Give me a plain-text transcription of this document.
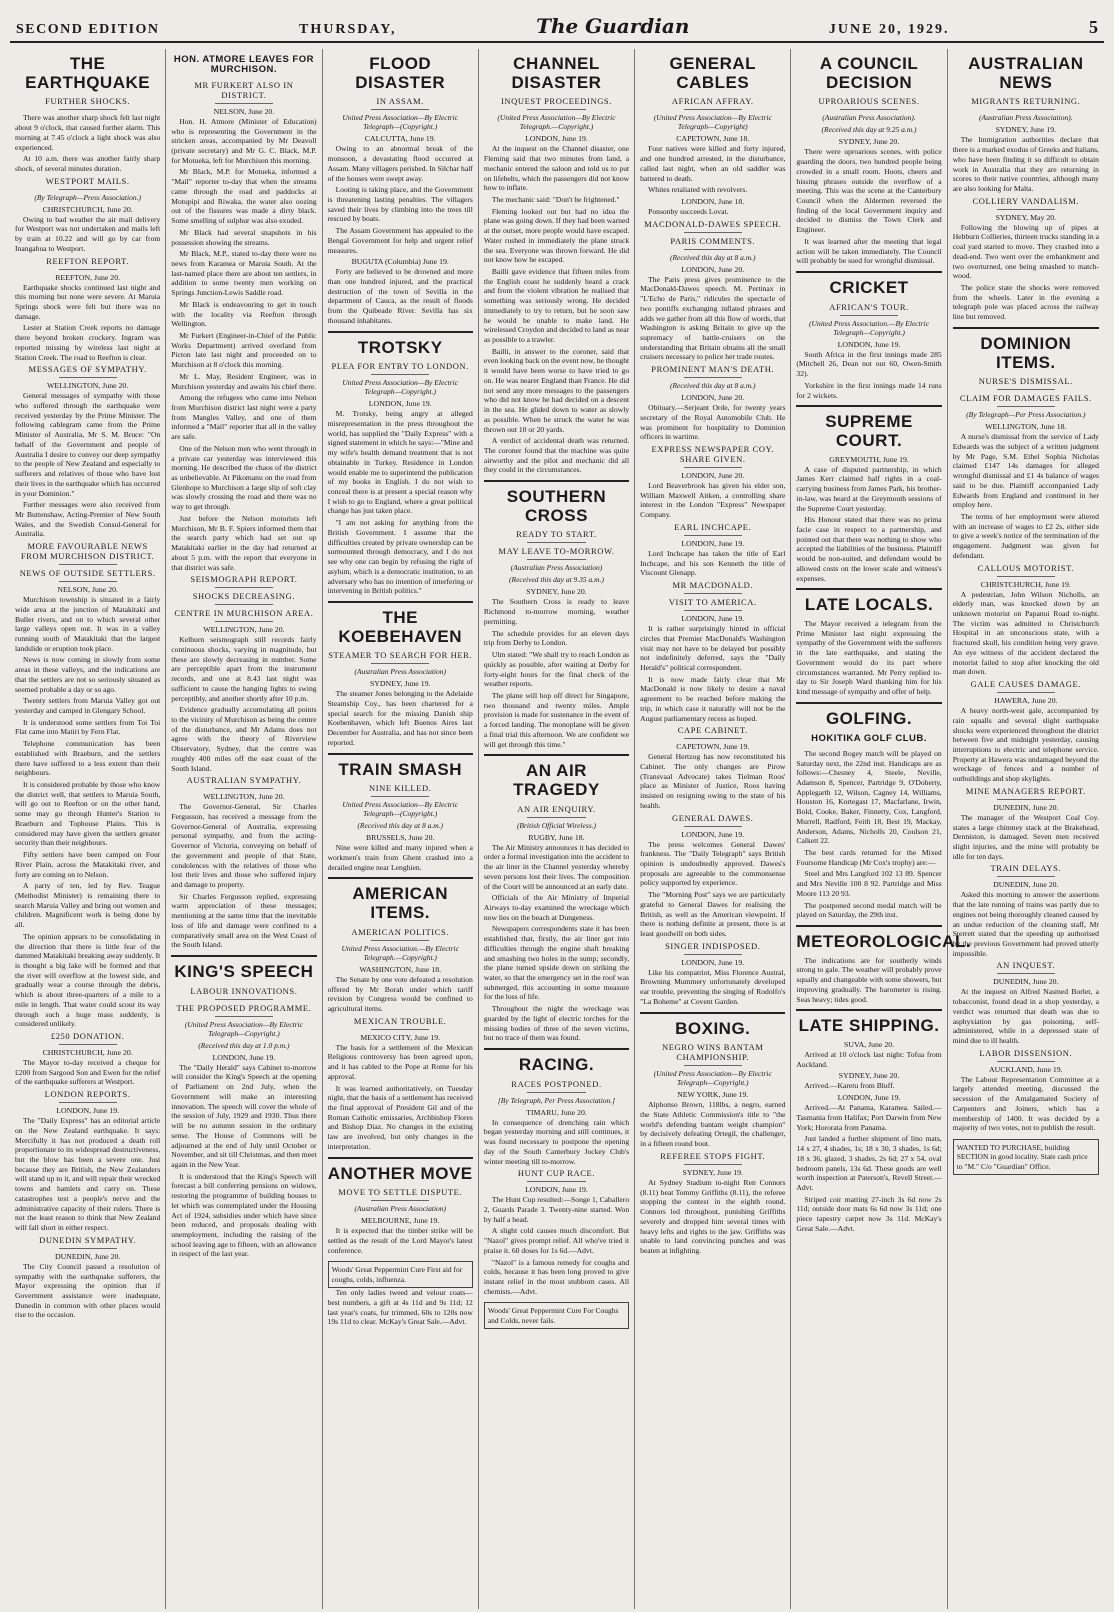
SECOND EDITION	THURSDAY,	The Guardian	JUNE 20, 1929.	5
THE EARTHQUAKE
FURTHER SHOCKS.

There was another sharp shock felt last night about 9 o'clock, that caused further alarm. This morning at 7.45 o'clock a light shock was also experienced.

At 10 a.m. there was another fairly sharp shock, of several minutes duration.

WESTPORT MAILS.
(By Telegraph—Press Association.)
CHRISTCHURCH, June 20.

Owing to bad weather the air mail delivery for Westport was not undertaken and mails left by train at 10.22 and will go by car from Inangahua to Westport.

REEFTON REPORT.
REEFTON, June 20.

Earthquake shocks continued last night and this morning but none were severe. At Maruia Springs shock were felt but there was no damage.

Lester at Station Creek reports no damage there beyond broken crockery. Ingram was reported missing by wireless last night at Station Creek. The road to Reefton is clear.

MESSAGES OF SYMPATHY.
WELLINGTON, June 20.

General messages of sympathy with those who suffered through the earthquake were received yesterday by the Prime Minister. The following cablegram came from the Prime Minister of Australia, Mr S. M. Bruce: "On behalf of the Government and people of Australia I desire to convey our deep sympathy to the people of New Zealand and especially to sufferers and relatives of those who have lost their lives in the earthquake which has occurred in your Dominion."

Further messages were also received from Mr Buttenshaw, Acting-Premier of New South Wales, and the Swedish Consul-General for Australia.

MORE FAVOURABLE NEWS FROM MURCHISON DISTRICT.
NEWS OF OUTSIDE SETTLERS.
NELSON, June 20.

Murchison township is situated in a fairly wide area at the junction of Matakitaki and Buller rivers, and on to which several other large valleys open out. It was in a valley running south of Matakitaki that the largest landslide or eruption took place.

News is now coming in slowly from some areas in these valleys, and the indications are that the settlers are not so seriously situated as seemed probable a day or so ago.

Twenty settlers from Maruia Valley got out yesterday and camped in Glengary School.

It is understood some settlers from Toi Toi Flat came into Matiri by Fern Flat.

Telephone communication has been established with Braeburn, and the settlers there have suffered to a less extent than their neighbours.

It is considered probable by those who know the district well, that settlers to Maruia South, will go out to Reefton or on the other hand, some may go through Hunter's Station to Braeburn and Tophouse Plains. This is considered may have given the settlers greater security than their neighbours.

Fifty settlers have been camped on Four River Plain, across the Matakitaki river, and forty are coming on to Nelson.

A party of ten, led by Rev. Teague (Methodist Minister) is remaining there to search Maruia Valley and bring out women and children. Magnificent work is being done by all.

The opinion appears to be consolidating in the direction that there is little fear of the dammed Matakitaki breaking away suddenly. It is thought a big lake will be formed and that the river will overflow at the lowest side, and gradually wear a course through the debris, which is about three-quarters of a mile to a mile in length. That water could scour its way through such a huge mass suddenly, is considered unlikely.

£250 DONATION.
CHRISTCHURCH, June 20.

The Mayor to-day received a cheque for £200 from Sargood Son and Ewen for the relief of the earthquake sufferers at Westport.

LONDON REPORTS.
LONDON, June 19.

The "Daily Express" has an editorial article on the New Zealand earthquake. It says: Mercifully it has not produced a death roll proportionate to its widespread destructiveness, but the blow has been a severe one. Just because they are British, the New Zealanders will stand up to it, and will repair their wrecked towns and hamlets and carry on. These catastrophes test a people's nerve and the administrative capacity of their rulers. There is not the least reason to think that New Zealand will fall short in either respect.

DUNEDIN SYMPATHY.
DUNEDIN, June 20.

The City Council passed a resolution of sympathy with the earthquake sufferers, the Mayor expressing the opinion that if Government assistance were inadequate, Dunedin in common with other places would rise to the occasion.

HON. ATMORE LEAVES FOR MURCHISON.
MR FURKERT ALSO IN DISTRICT.
NELSON, June 20.

Hon. H. Atmore (Minister of Education) who is representing the Government in the stricken areas, accompanied by Mr Deavoll (private secretary) and Mr G. C. Black, M.P. for Motueka, left for Murchison this morning.

Mr Black, M.P. for Motueka, informed a "Mail" reporter to-day that when the streams came through the road and paddocks at Motupipi and Riwaka, the water also oozing out of the fissures was made a dirty black. Some smelling of sulphur was also exuded.

Mr Black had several snapshots in his possession showing the streams.

Mr Black, M.P., stated to-day there were no news from Karamea or Maruia South. At the last-named place there are about ten settlers, in addition to some twenty men working on Springs Junction-Lewis Saddle road.

Mr Black is endeavouring to get in touch with the locality via Reefton through Wellington.

Mr Furkert (Engineer-in-Chief of the Public Works Department) arrived overland from Picton late last night and proceeded on to Murchison at 8 o'clock this morning.

Mr L. May, Resident Engineer, was in Murchison yesterday and awaits his chief there.

Among the refugees who came into Nelson from Murchison district last night were a party from Mangles Valley, and one of them informed a "Mail" reporter that all in the valley are safe.

One of the Nelson men who went through in a private car yesterday was interviewed this morning. He described the chaos of the district as unbelievable. At Pikomanu on the road from Glenhope to Murchison a large slip of soft clay was slowly crossing the road and there was no way to get through.

Just before the Nelson motorists left Murchison, Mr B. F. Spiers informed them that the search party which had set out up Matakitaki earlier in the day had returned at about 5 p.m. with the report that everyone in that district was safe.

SEISMOGRAPH REPORT.
SHOCKS DECREASING.
CENTRE IN MURCHISON AREA.
WELLINGTON, June 20.

Kelburn seismograph still records fairly continuous shocks, varying in magnitude, but these are slowly decreasing in number. Some are perceptible apart from the instrument records, and one at 8.43 last night was sufficient to cause the hanging lights to swing perceptibly, and another shortly after 10 p.m.

Evidence gradually accumulating all points to the vicinity of Murchison as being the centre of the disturbance, and Mr Adams does not agree with the theory of Riverview Observatory, Sydney, that the centre was roughly 400 miles off the east coast of the South Island.

AUSTRALIAN SYMPATHY.
WELLINGTON, June 20.

The Governor-General, Sir Charles Fergusson, has received a message from the Governor-General of Australia, expressing personal sympathy, and from the acting-Governor of Victoria, conveying on behalf of the government and people of that State, condolences with the relatives of those who lost their lives and those who suffered injury and damage to property.

Sir Charles Fergusson replied, expressing warm appreciation of these messages; mentioning at the same time that the inevitable loss of life and damage were confined to a comparatively small area on the West Coast of the South Island.

KING'S SPEECH
LABOUR INNOVATIONS.
THE PROPOSED PROGRAMME.
(United Press Association—By Electric Telegraph—Copyright.)
(Received this day at 1.0 p.m.)
LONDON, June 19.

The "Daily Herald" says Cabinet to-morrow will consider the King's Speech at the opening of Parliament on 2nd July, when the Government will make an interesting innovation. The speech will cover the whole of the session of July, 1929 and 1930. Thus there will be no autumn session in the ordinary sense. The House of Commons will be adjourned at the end of July until October or November, and sit till Christmas, and then meet again in the New Year.

It is understood that the King's Speech will forecast a bill conferring pensions on widows, restoring the programme of building houses to let which was contemplated under the Housing Act of 1924, subsidies under which have since been reduced, and proposals dealing with unemployment, including the raising of the school leaving age to fifteen, with an allowance in respect of the last year.

FLOOD DISASTER
IN ASSAM.
United Press Association—By Electric Telegraph—(Copyright.)
CALCUTTA, June 19.

Owing to an abnormal break of the monsoon, a devastating flood occurred at Assam. Many villagers perished. In Silchar half of the houses were swept away.

Looting is taking place, and the Government is threatening lasting penalties. The villagers saved their lives by climbing into the trees till rescued by boats.

The Assam Government has appealed to the Bengal Government for help and urgent relief measures.

BUGUTA (Columbia) June 19.

Forty are believed to be drowned and more than one hundred injured, and the practical destruction of the town of Sevilla in the department of Cauca, as the result of floods from the Quibeade River. Sevilla has six thousand inhabitants.

TROTSKY
PLEA FOR ENTRY TO LONDON.
United Press Association—By Electric Telegraph—Copyright.)
LONDON, June 19.

M. Trotsky, being angry at alleged misrepresentation in the press throughout the world, has supplied the "Daily Express" with a signed statement in which he says:—"Mine and my wife's health demand treatment that is not obtainable in Turkey. Residence in London would enable me to superintend the publication of my books in English. I do not wish to conceal there is at present a special reason why I wish to go to England, where a great political change has just taken place.

"I am not asking for anything from the British Government. I assume that the difficulties created by private ownership can be surmounted through democracy, and I do not see why one can begin by refusing the right of asylum, which is a democratic institution, to an adversary who has no intention of interfering or intervening in British politics."

THE KOEBEHAVEN
STEAMER TO SEARCH FOR HER.
(Australian Press Association)
SYDNEY, June 19.

The steamer Jones belonging to the Adelaide Steamship Coy., has been chartered for a special search for the missing Danish ship Koebenhaven, which left Buenos Aires last December for Australia, and has not since been reported.

TRAIN SMASH
NINE KILLED.
United Press Association—By Electric Telegraph—(Copyright.)
(Received this day at 8 a.m.)
BRUSSELS, June 20.

Nine were killed and many injured when a workmen's train from Ghent crashed into a derailed engine near Lenghien.

AMERICAN ITEMS.
AMERICAN POLITICS.
United Press Association.—By Electric Telegraph.—Copyright.)
WASHINGTON, June 18.

The Senate by one vote defeated a resolution offered by Mr Borah under which tariff revision by Congress would be confined to agricultural items.

MEXICAN TROUBLE.
MEXICO CITY, June 19.

The basis for a settlement of the Mexican Religious controversy has been agreed upon, and it has cabled to the Pope at Rome for his approval.

It was learned authoritatively, on Tuesday night, that the basis of a settlement has received the final approval of President Gil and of the Roman Catholic emissaries, Archbishop Flores and Bishop Diaz. No changes in the existing law are involved, but only changes in the interpretation.

ANOTHER MOVE
MOVE TO SETTLE DISPUTE.
(Australian Press Association)
MELBOURNE, June 19.

It is expected that the timber strike will be settled as the result of the Lord Mayor's latest conference.

Woods' Great Peppermint Cure First aid for coughs, colds, influenza.

Ten only ladies tweed and velour coats—best numbers, a gift at 4s 11d and 9s 11d; 12 last year's coats, fur trimmed, 60s to 120s now 19s 11d to clear. McKay's Great Sale.—Advt.

CHANNEL DISASTER
INQUEST PROCEEDINGS.
(United Press Association—By Electric Telegraph.—Copyright.)
LONDON, June 19.

At the inquest on the Channel disaster, one Fleming said that two minutes from land, a mechanic entered the saloon and told us to put on lifebelts, which the passengers did not know how to inflate.

The mechanic said: "Don't be frightened."

Fleming looked out but had no idea the plane was going down. If they had been warned at the outset, more people would have escaped. Water rushed in immediately the plane struck the sea. Everyone was thrown forward. He did not know how he escaped.

Bailli gave evidence that fifteen miles from the English coast he suddenly heard a crack and from the violent vibration he realised that something was seriously wrong. He decided immediately to try to return, but he soon saw he would be unable to make land. He wirelessed Croydon and decided to land as near as possible to a trawler.

Bailli, in answer to the coroner, said that even looking back on the event now, he thought it would have been worse to have tried to go on. He was nearer England than France. He did not send any more messages to the passengers who did not know he had decided on a descent in the sea. He glided down to water as slowly as possible. When he struck the water he was thrown out 10 or 20 yards.

A verdict of accidental death was returned. The coroner found that the machine was quite airworthy and the pilot and mechanic did all they could in the circumstances.

SOUTHERN CROSS
READY TO START.
MAY LEAVE TO-MORROW.
(Australian Press Association)
(Received this day at 9.35 a.m.)
SYDNEY, June 20.

The Southern Cross is ready to leave Richmond to-morrow morning, weather permitting.

The schedule provides for an eleven days trip from Derby to London.

Ulm stated: "We shall try to reach London as quickly as possible, after waiting at Derby for forty-eight hours for the final check of the weather reports.

The plane will hop off direct for Singapore, two thousand and twenty miles. Ample provision is made for sustenance in the event of a forced landing. The monoplane will be given a final trial this afternoon. We are confident we will get through this time."

AN AIR TRAGEDY
AN AIR ENQUIRY.
(British Official Wireless.)
RUGBY, June 18.

The Air Ministry announces it has decided to order a formal investigation into the accident to the air liner in the Channel yesterday whereby seven persons lost their lives. The composition of the Court will be announced at an early date.

Officials of the Air Ministry of Imperial Airways to-day examined the wreckage which now lies on the beach at Dungeness.

Newspapers correspondents state it has been established that, firstly, the air liner got into difficulties through the engine shaft breaking and smashing two holes in the sump; secondly, the plane turned upside down on striking the water, so that the emergency set in the roof was submerged, this accounting in some measure for the loss of life.

Throughout the night the wreckage was guarded by the light of electric torches for the missing bodies of three of the seven victims, but no trace of them was found.

RACING.
RACES POSTPONED.
[By Telegraph, Per Press Association.]
TIMARU, June 20.

In consequence of drenching rain which began yesterday morning and still continues, it was found necessary to postpone the opening day of the South Canterbury Jockey Club's winter meeting till to-morrow.

HUNT CUP RACE.
LONDON, June 19.

The Hunt Cup resulted:—Songe 1, Caballero 2, Guards Parade 3. Twenty-nine started. Won by half a head.

A slight cold causes much discomfort. But "Nazol" gives prompt relief. All who've tried it praise it. 60 doses for 1s 6d.—Advt.

"Nazol" is a famous remedy for coughs and colds, because it has been long proved to give instant relief in the most stubborn cases. All chemists.—Advt.

Woods' Great Peppermint Cure For Coughs and Colds, never fails.
GENERAL CABLES
AFRICAN AFFRAY.
(United Press Association—By Electric Telegraph—Copyright)
CAPETOWN, June 18.

Four natives were killed and forty injured, and one hundred arrested, in the disturbance, called last night, when an old saddler was battered to death.

Whites retaliated with revolvers.

LONDON, June 18.

Ponsonby succeeds Lovat.

MACDONALD-DAWES SPEECH.
PARIS COMMENTS.
(Received this day at 8 a.m.)
LONDON, June 20.

The Paris press gives prominence to the MacDonald-Dawes speech. M. Pertinax in "L'Echo de Paris," ridicules the spectacle of two pontiffs exchanging inflated phrases and adds we gather from all this flow of words, that Washington is asking Britain to give up the supremacy of battle-cruisers on the understanding that Britain obtains all the small cruisers necessary to police her trade routes.

PROMINENT MAN'S DEATH.
(Received this day at 8 a.m.)
LONDON, June 20.

Obituary.—Serjeant Orde, for twenty years secretary of the Royal Automobile Club. He was prominent for hospitality to Dominion officers in wartime.

EXPRESS NEWSPAPER COY. SHARE GIVEN.
LONDON, June 20.

Lord Beaverbrook has given his elder son, William Maxwell Aitken, a controlling share interest in the London "Express" Newspaper Company.

EARL INCHCAPE.
LONDON, June 19.

Lord Inchcape has taken the title of Earl Inchcape, and his son Kenneth the title of Viscount Glenapp.

MR MACDONALD.
VISIT TO AMERICA.
LONDON, June 19.

It is rather surprisingly hinted in official circles that Premier MacDonald's Washington visit may not have to be delayed but possibly not indefinitely deferred, says the "Daily Herald's" political correspondent.

It is now made fairly clear that Mr MacDonald is now likely to desire a naval agreement to be reached before making the trip, in which case it naturally will not be the August parliamentary recess as hoped.

CAPE CABINET.
CAPETOWN, June 19.

General Hertzog has now reconstituted his Cabinet. The only changes are Pirow (Transvaal Advocate) takes Tielman Roos' place as Minister of Justice, Roos having insisted on resigning owing to the state of his health.

GENERAL DAWES.
LONDON, June 19.

The press welcomes General Dawes' frankness. The "Daily Telegraph" says British opinion is undoubtedly approved. Dawes's proposals are agreeable to the commonsense policy supported by experience.

The "Morning Post" says we are particularly grateful to General Dawes for realising the British, as well as the American viewpoint. If there is nothing definite at present, there is at least goodwill on both sides.

SINGER INDISPOSED.
LONDON, June 19.

Like his compatriot, Miss Florence Austral, Browning Mummery unfortunately developed ear trouble, preventing the singing of Rodolfo's "La Boheme" at Covent Garden.

BOXING.
NEGRO WINS BANTAM CHAMPIONSHIP.
(United Press Association—By Electric Telegraph—Copyright.)
NEW YORK, June 19.

Alphonso Brown, 118lbs, a negro, earned the State Athletic Commission's title to "the world's defending bantam weight champion" by decisively defeating Ortegil, the challenger, in a fifteen round bout.

REFEREE STOPS FIGHT.
SYDNEY, June 19.

At Sydney Stadium to-night Ren Connors (8.11) beat Tommy Griffiths (8.11), the referee stopping the contest in the eighth round. Connors led throughout, punishing Griffiths severely and dropped him several times with heavy lefts and rights to the jaw. Griffiths was unable to land convincing punches and was beaten at infighting.

A COUNCIL DECISION
UPROARIOUS SCENES.
(Australian Press Association).
(Received this day at 9.25 a.m.)
SYDNEY, June 20.

There were uproarious scenes, with police guarding the doors, two hundred people being crowded in a small room. Hoots, cheers and hissing phrases outside the overflow of a meeting. This was the scene at the Canterbury Council when the Aldermen reversed the finding of the local Government inquiry and decided to dismiss the Town Clerk and Engineer.

It was learned after the meeting that legal action will be taken immediately. The Council will probably be sued for wrongful dismissal.

CRICKET
AFRICAN'S TOUR.
(United Press Association.—By Electric Telegraph—Copyright.)
LONDON, June 19.

South Africa in the first innings made 285 (Mitchell 26, Dean not out 60, Owen-Smith 32).

Yorkshire in the first innings made 14 runs for 2 wickets.

SUPREME COURT.
GREYMOUTH, June 19.

A case of disputed partnership, in which James Kerr claimed half rights in a coal-carrying business from James Park, his brother-in-law, was heard at the Greymouth sessions of the Supreme Court yesterday.

His Honour stated that there was no prima facie case in respect to a partnership, and pointed out that there was nothing to show who accepted the liabilities of the business. Plaintiff would be non-suited, and defendant would be allowed costs on the lower scale and witness's expenses.

LATE LOCALS.

The Mayor received a telegram from the Prime Minister last night expressing the sympathy of the Government with the sufferers in the late earthquake, and stating the Government would do its part where circumstances warranted. Mr Perry replied to-day to Sir Joseph Ward thanking him for his kind message of sympathy and offer of help.

GOLFING.
HOKITIKA GOLF CLUB.

The second Bogey match will be played on Saturday next, the 22nd inst. Handicaps are as follows:—Chesney 4, Steele, Neville, Adamson 8, Spencer, Partridge 9, O'Doherty, Applegarth 12, Wilson, Cagney 14, Williams, Houston 16, Kortegast 17, Macfarlane, Irwin, Bold, Cooke, Baker, Finnerty, Cox, Langford, Murrell, Radford, Feith 18, Best 19, Mackay, Anderson, Adams, Nicholls 20, Coulson 21, Calkett 22.

The best cards returned for the Mixed Foursome Handicap (Mr Cox's trophy) are:—

Steel and Mrs Langford 102 13 89. Spencer and Mrs Neville 100 8 92. Partridge and Miss Moore 113 20 93.

The postponed second medal match will be played on Saturday, the 29th inst.

METEOROLOGICAL.

The indications are for southerly winds strong to gale. The weather will probably prove squally and changeable with some showers, but improving gradually. The barometer is rising. Seas heavy; tides good.

LATE SHIPPING.
SUVA, June 20.

Arrived at 10 o'clock last night: Tofua from Auckland.

SYDNEY, June 20.

Arrived.—Karetu from Bluff.

LONDON, June 19.

Arrived.—At Panama, Karamea. Sailed.—Tasmania from Halifax; Port Darwin from New York; Hororata from Panama.

Just landed a further shipment of lino mats, 14 x 27, 4 shades, 1s; 18 x 30, 3 shades, 1s 6d; 18 x 36, glazed, 3 shades, 2s 6d; 27 x 54, oval bedroom panels, 13s 6d. These goods are well worth inspection at Paterson's, Revell Street.—Advt.

Striped coir matting 27-inch 3s 6d now 2s 11d; outside door mats 6s 6d now 3s 11d; one piece tapestry carpet now 3s 11d. McKay's Great Sale.—Advt.

AUSTRALIAN NEWS
MIGRANTS RETURNING.
(Australian Press Association).
SYDNEY, June 19.

The Immigration authorities declare that there is a marked exodus of Greeks and Italians, who have been finding it so difficult to obtain work in Australia that they are returning in scores to their native countries, although many are also looking for Malta.

COLLIERY VANDALISM.
SYDNEY, May 20.

Following the blowing up of pipes at Hebburn Collieries, thirteen trucks standing in a coal yard started to move. They crashed into a dead-end. Two went over the embankment and two overturned, one being smashed to match-wood.

The police state the shocks were removed from the wheels. Later in the evening a telegraph pole was placed across the railway line but removed.

DOMINION ITEMS.
NURSE'S DISMISSAL.
CLAIM FOR DAMAGES FAILS.
(By Telegraph—Per Press Association.)
WELLINGTON, June 18.

A nurse's dismissal from the service of Lady Edwards was the subject of a written judgment by Mr Page, S.M. Ethel Sophia Nicholas claimed £147 14s damages for alleged wrongful dismissal and £1 4s balance of wages said to be due. Plaintiff accompanied Lady Edwards from England and continued in her employ here.

The terms of her employment were altered with an increase of wages to £2 2s, either side to give a week's notice of the termination of the engagement. Judgment was given for defendant.

CALLOUS MOTORIST.
CHRISTCHURCH, June 19.

A pedestrian, John Wilson Nicholls, an elderly man, was knocked down by an unknown motorist on Papanui Road to-night. The victim was admitted to Christchurch Hospital in an unconscious state, with a fractured skull, his condition being very grave. An eye witness of the accident declared the motorist failed to stop after knocking the old man down.

GALE CAUSES DAMAGE.
HAWERA, June 20.

A heavy north-west gale, accompanied by rain squalls and several slight earthquake shocks were experienced throughout the district between five and midnight yesterday, causing interruptions to electric and telephone service. Property at Hawera was undamaged beyond the wreckage of fences and a number of outbuildings and shop skylights.

MINE MANAGERS REPORT.
DUNEDIN, June 20.

The manager of the Westport Coal Coy. states a large chimney stack at the Brakehead, Denniston, is damaged. Seven men received slight injuries, and the mine will probably be idle for ten days.

TRAIN DELAYS.
DUNEDIN, June 20.

Asked this morning to answer the assertions that the late running of trains was partly due to engines not being thoroughly cleaned caused by an undue reduction of the cleaning staff, Mr Sterrett stated that the speeding up authorised by the previous Government had proved utterly impossible.

AN INQUEST.
DUNEDIN, June 20.

At the inquest on Alfred Nasmed Borlet, a tobacconist, found dead in a shop yesterday, a verdict was returned that death was due to asphyxiation by gas poisoning, self-administered, while in a depressed state of mind due to ill health.

LABOR DISSENSION.
AUCKLAND, June 19.

The Labour Representation Committee at a largely attended meeting, discussed the secession of the Amalgamated Society of Carpenters and Joiners, which has a membership of 1400. It was decided by a majority of two votes, not to publish the result.

WANTED TO PURCHASE, building SECTION in good locality. State cash price to "M." C/o "Guardian" Office.
